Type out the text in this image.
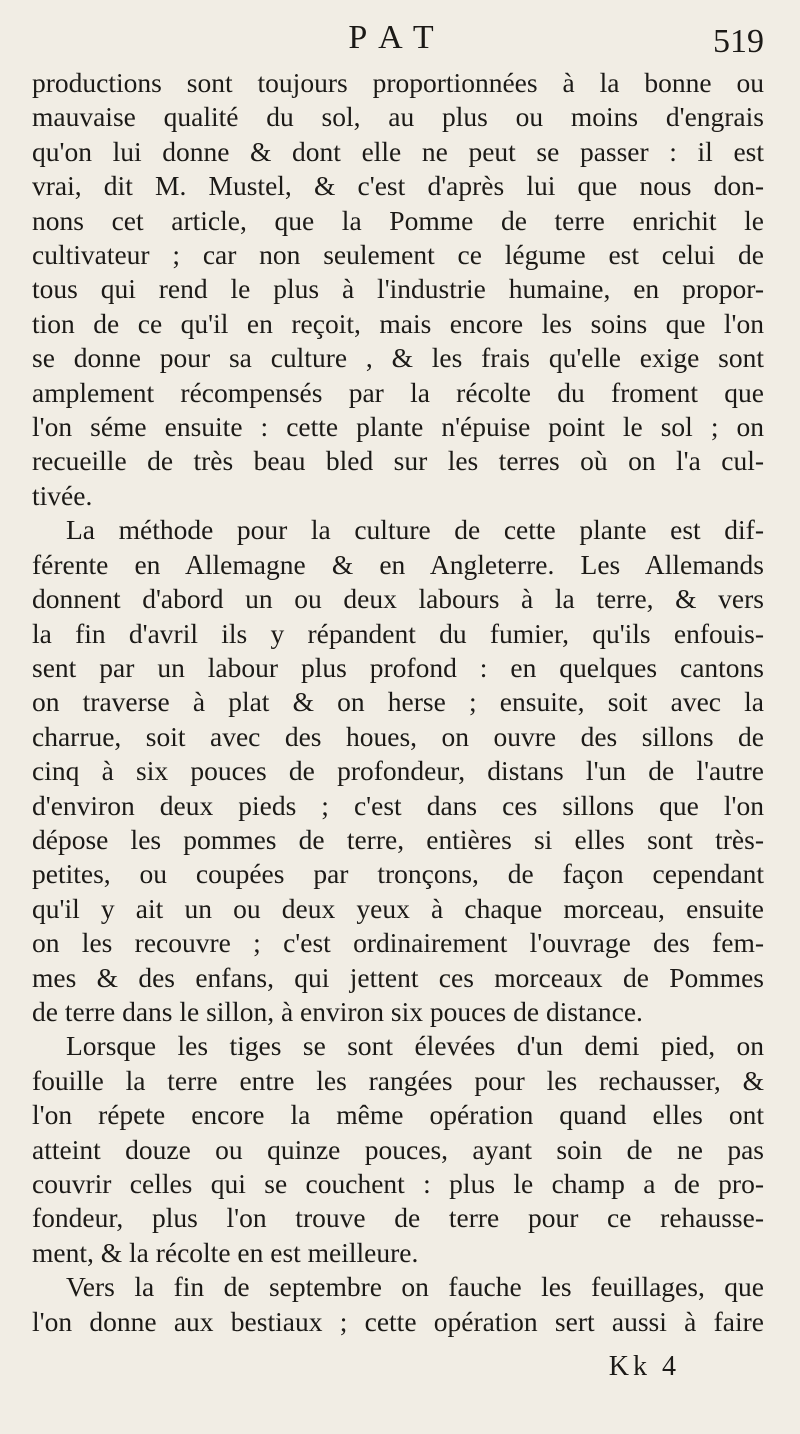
PAT	519

productions sont toujours proportionnées à la bonne ou
mauvaise qualité du sol, au plus ou moins d'engrais
qu'on lui donne & dont elle ne peut se passer : il est
vrai, dit M. Mustel, & c'est d'après lui que nous don-
nons cet article, que la Pomme de terre enrichit le
cultivateur ; car non seulement ce légume est celui de
tous qui rend le plus à l'industrie humaine, en propor-
tion de ce qu'il en reçoit, mais encore les soins que l'on
se donne pour sa culture , & les frais qu'elle exige sont
amplement récompensés par la récolte du froment que
l'on séme ensuite : cette plante n'épuise point le sol ; on
recueille de très beau bled sur les terres où on l'a cul-
tivée.

La méthode pour la culture de cette plante est dif-
férente en Allemagne & en Angleterre. Les Allemands
donnent d'abord un ou deux labours à la terre, & vers
la fin d'avril ils y répandent du fumier, qu'ils enfouis-
sent par un labour plus profond : en quelques cantons
on traverse à plat & on herse ; ensuite, soit avec la
charrue, soit avec des houes, on ouvre des sillons de
cinq à six pouces de profondeur, distans l'un de l'autre
d'environ deux pieds ; c'est dans ces sillons que l'on
dépose les pommes de terre, entières si elles sont très-
petites, ou coupées par tronçons, de façon cependant
qu'il y ait un ou deux yeux à chaque morceau, ensuite
on les recouvre ; c'est ordinairement l'ouvrage des fem-
mes & des enfans, qui jettent ces morceaux de Pommes
de terre dans le sillon, à environ six pouces de distance.

Lorsque les tiges se sont élevées d'un demi pied, on
fouille la terre entre les rangées pour les rechausser, &
l'on répete encore la même opération quand elles ont
atteint douze ou quinze pouces, ayant soin de ne pas
couvrir celles qui se couchent : plus le champ a de pro-
fondeur, plus l'on trouve de terre pour ce rehausse-
ment, & la récolte en est meilleure.

Vers la fin de septembre on fauche les feuillages, que
l'on donne aux bestiaux ; cette opération sert aussi à faire

Kk 4
